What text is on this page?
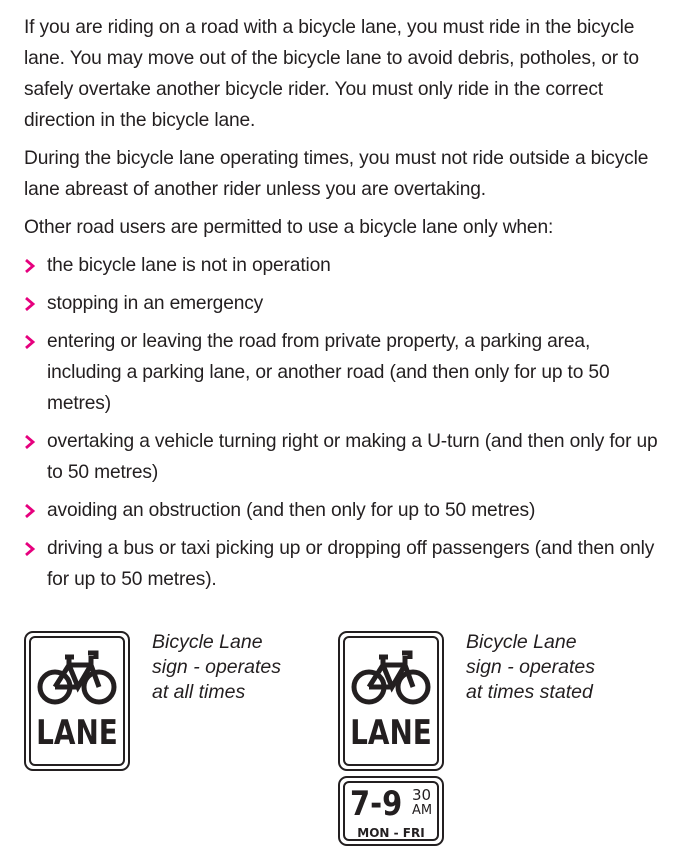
If you are riding on a road with a bicycle lane, you must ride in the bicycle lane. You may move out of the bicycle lane to avoid debris, potholes, or to safely overtake another bicycle rider. You must only ride in the correct direction in the bicycle lane.

During the bicycle lane operating times, you must not ride outside a bicycle lane abreast of another rider unless you are overtaking.

Other road users are permitted to use a bicycle lane only when:

the bicycle lane is not in operation
stopping in an emergency
entering or leaving the road from private property, a parking area, including a parking lane, or another road (and then only for up to 50 metres)
overtaking a vehicle turning right or making a U-turn (and then only for up to 50 metres)
avoiding an obstruction (and then only for up to 50 metres)
driving a bus or taxi picking up or dropping off passengers (and then only for up to 50 metres).
LANE
Bicycle Lane
sign - operates
at all times
LANE
7-9 30
AM
MON - FRI
Bicycle Lane
sign - operates
at times stated
